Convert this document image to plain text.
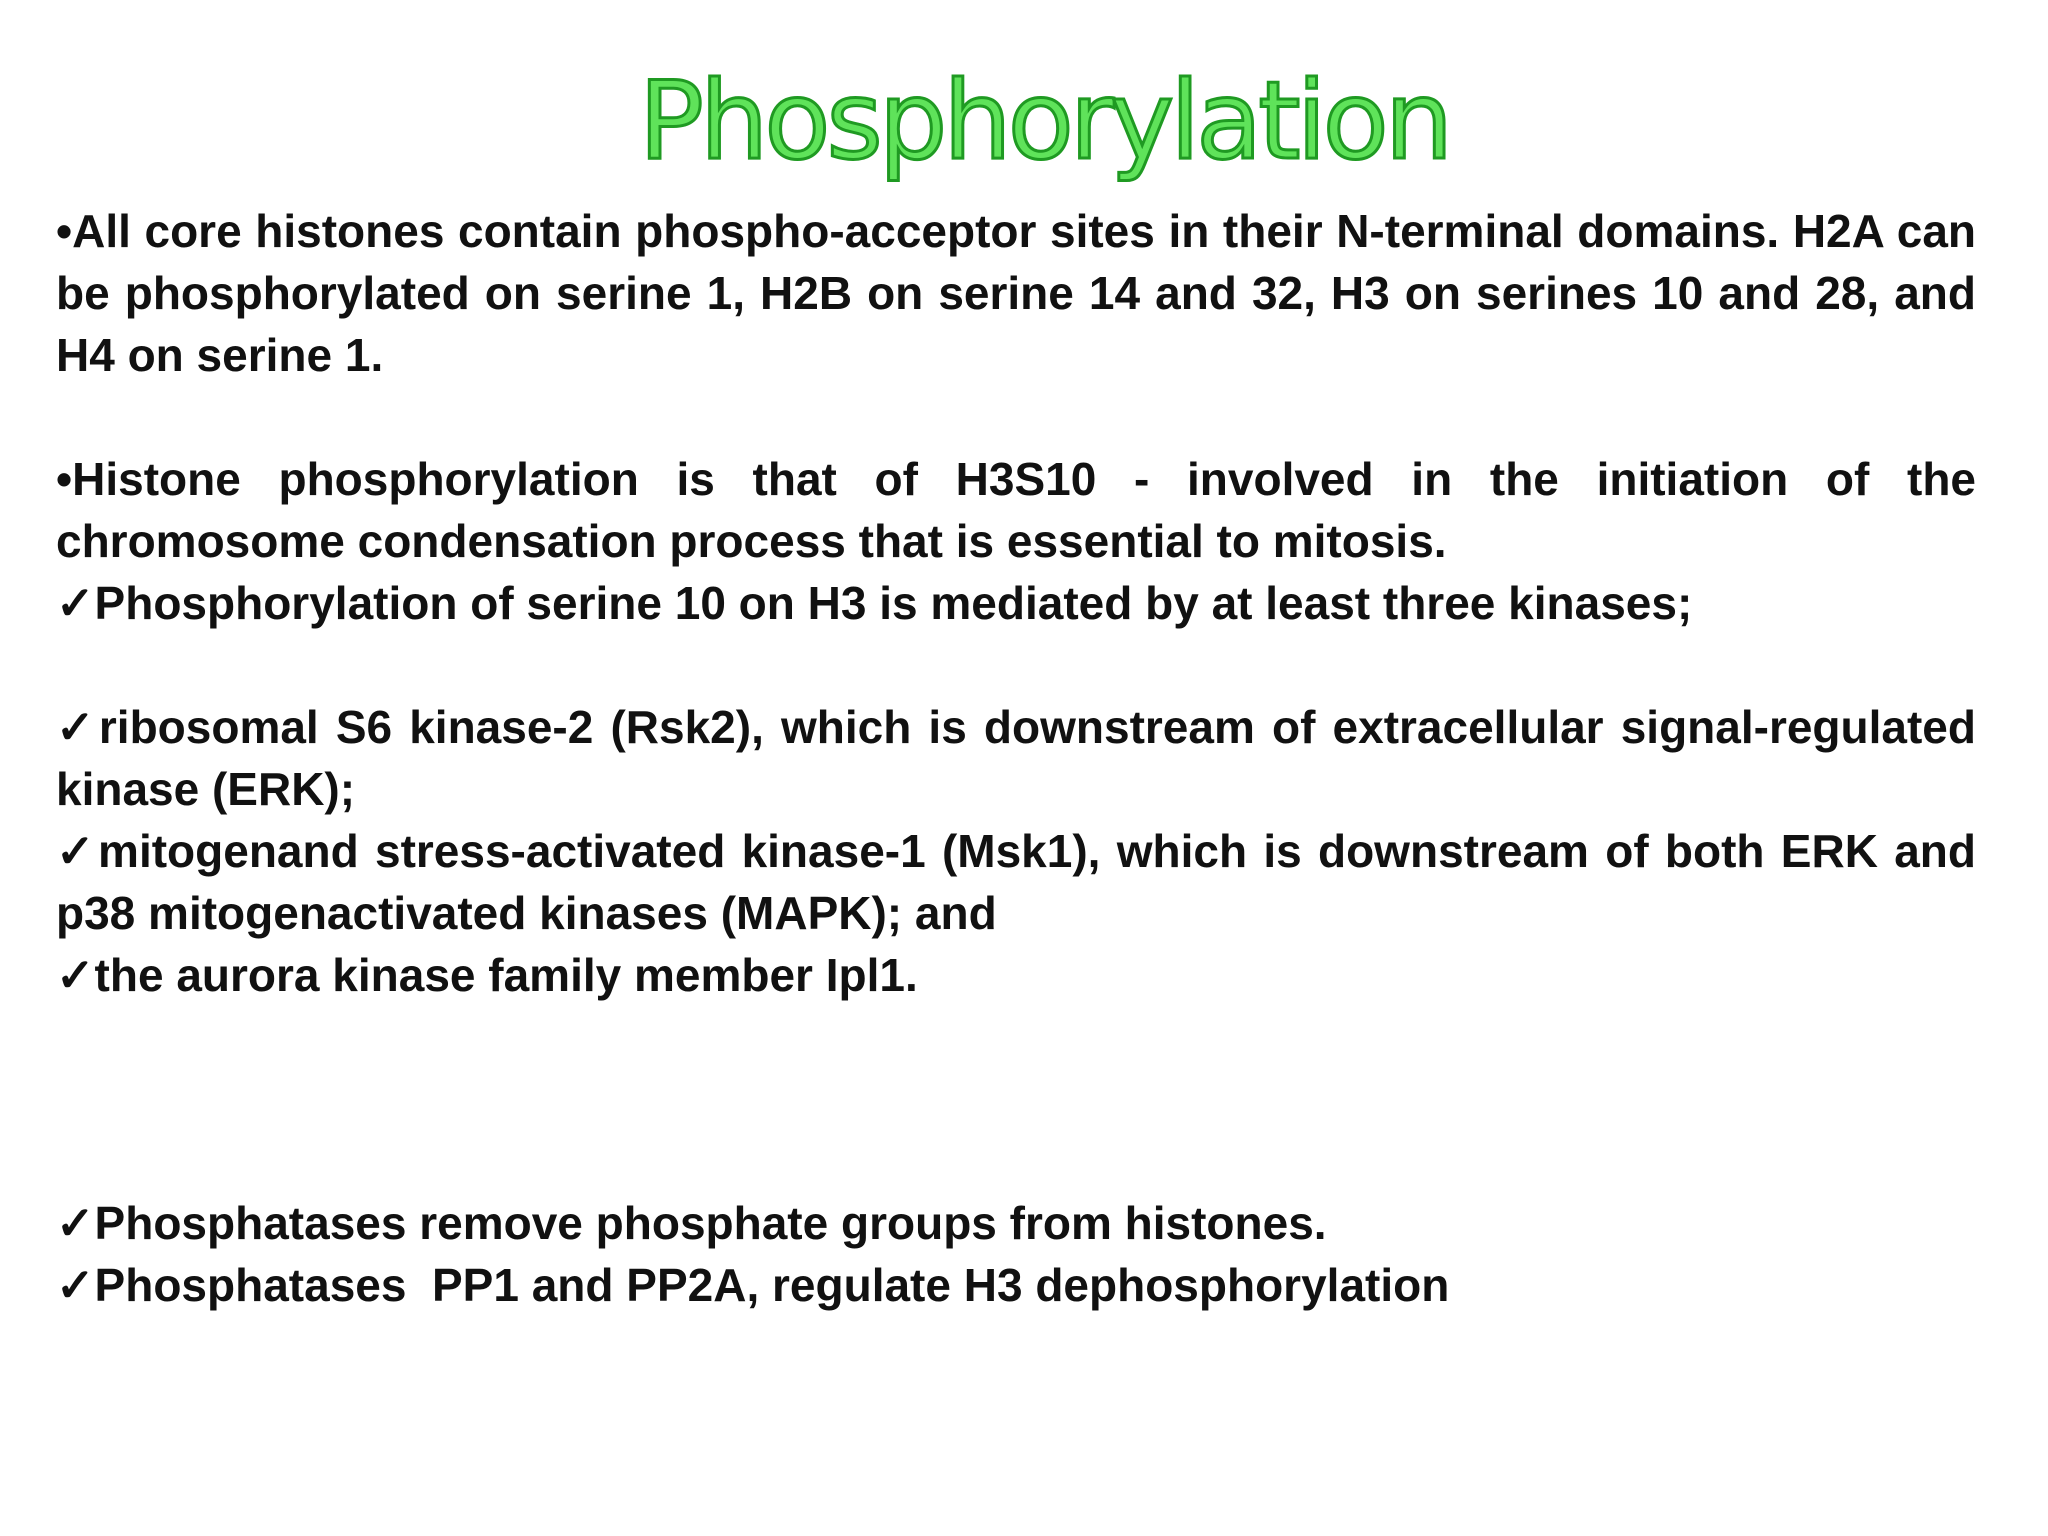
Phosphorylation

•All core histones contain phospho-acceptor sites in their N-terminal domains. H2A can be phosphorylated on serine 1, H2B on serine 14 and 32, H3 on serines 10 and 28, and H4 on serine 1.

•Histone phosphorylation is that of H3S10 - involved in the initiation of the chromosome condensation process that is essential to mitosis.

✓Phosphorylation of serine 10 on H3 is mediated by at least three kinases;

✓ribosomal S6 kinase-2 (Rsk2), which is downstream of extracellular signal-regulated kinase (ERK);

✓mitogenand stress-activated kinase-1 (Msk1), which is downstream of both ERK and p38 mitogenactivated kinases (MAPK); and

✓the aurora kinase family member Ipl1.

✓Phosphatases remove phosphate groups from histones.

✓Phosphatases  PP1 and PP2A, regulate H3 dephosphorylation
